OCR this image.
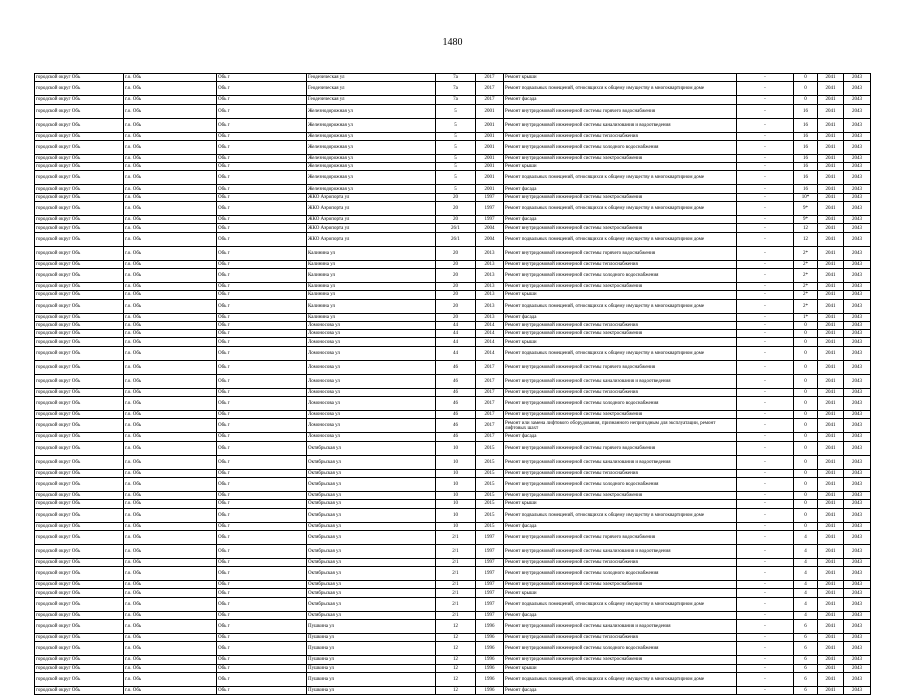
1480
городской округ Обь	г.о. Обь	Обь г	Геодезическая ул	7а	2017	Ремонт крыши	-	0	2041	2043
городской округ Обь	г.о. Обь	Обь г	Геодезическая ул	7а	2017	Ремонт подвальных помещений, относящихся к общему имуществу в многоквартирном доме	-	0	2041	2043
городской округ Обь	г.о. Обь	Обь г	Геодезическая ул	7а	2017	Ремонт фасада	-	0	2041	2043
городской округ Обь	г.о. Обь	Обь г	Железнодорожная ул	5	2001	Ремонт внутридомовой инженерной системы горячего водоснабжения	-	16	2041	2043
городской округ Обь	г.о. Обь	Обь г	Железнодорожная ул	5	2001	Ремонт внутридомовой инженерной системы канализования и водоотведения	-	16	2041	2043
городской округ Обь	г.о. Обь	Обь г	Железнодорожная ул	5	2001	Ремонт внутридомовой инженерной системы теплоснабжения	-	16	2041	2043
городской округ Обь	г.о. Обь	Обь г	Железнодорожная ул	5	2001	Ремонт внутридомовой инженерной системы холодного водоснабжения	-	16	2041	2043
городской округ Обь	г.о. Обь	Обь г	Железнодорожная ул	5	2001	Ремонт внутридомовой инженерной системы электроснабжения	-	16	2041	2043
городской округ Обь	г.о. Обь	Обь г	Железнодорожная ул	5	2001	Ремонт крыши	-	16	2041	2043
городской округ Обь	г.о. Обь	Обь г	Железнодорожная ул	5	2001	Ремонт подвальных помещений, относящихся к общему имуществу в многоквартирном доме	-	16	2041	2043
городской округ Обь	г.о. Обь	Обь г	Железнодорожная ул	5	2001	Ремонт фасада	-	16	2041	2043
городской округ Обь	г.о. Обь	Обь г	ЖКО Аэропорта ул	20	1997	Ремонт внутридомовой инженерной системы электроснабжения	-	10*	2041	2043
городской округ Обь	г.о. Обь	Обь г	ЖКО Аэропорта ул	20	1997	Ремонт подвальных помещений, относящихся к общему имуществу в многоквартирном доме	-	9*	2041	2043
городской округ Обь	г.о. Обь	Обь г	ЖКО Аэропорта ул	20	1997	Ремонт фасада	-	9*	2041	2043
городской округ Обь	г.о. Обь	Обь г	ЖКО Аэропорта ул	26/1	2004	Ремонт внутридомовой инженерной системы электроснабжения	-	12	2041	2043
городской округ Обь	г.о. Обь	Обь г	ЖКО Аэропорта ул	26/1	2004	Ремонт подвальных помещений, относящихся к общему имуществу в многоквартирном доме	-	12	2041	2043
городской округ Обь	г.о. Обь	Обь г	Калинина ул	20	2013	Ремонт внутридомовой инженерной системы горячего водоснабжения	-	2*	2041	2043
городской округ Обь	г.о. Обь	Обь г	Калинина ул	20	2013	Ремонт внутридомовой инженерной системы теплоснабжения	-	2*	2041	2043
городской округ Обь	г.о. Обь	Обь г	Калинина ул	20	2013	Ремонт внутридомовой инженерной системы холодного водоснабжения	-	2*	2041	2043
городской округ Обь	г.о. Обь	Обь г	Калинина ул	20	2013	Ремонт внутридомовой инженерной системы электроснабжения	-	2*	2041	2043
городской округ Обь	г.о. Обь	Обь г	Калинина ул	20	2013	Ремонт крыши	-	2*	2041	2043
городской округ Обь	г.о. Обь	Обь г	Калинина ул	20	2013	Ремонт подвальных помещений, относящихся к общему имуществу в многоквартирном доме	-	2*	2041	2043
городской округ Обь	г.о. Обь	Обь г	Калинина ул	20	2013	Ремонт фасада	-	1*	2041	2043
городской округ Обь	г.о. Обь	Обь г	Ломоносова ул	44	2014	Ремонт внутридомовой инженерной системы теплоснабжения	-	0	2041	2043
городской округ Обь	г.о. Обь	Обь г	Ломоносова ул	44	2014	Ремонт внутридомовой инженерной системы электроснабжения	-	0	2041	2043
городской округ Обь	г.о. Обь	Обь г	Ломоносова ул	44	2014	Ремонт крыши	-	0	2041	2043
городской округ Обь	г.о. Обь	Обь г	Ломоносова ул	44	2014	Ремонт подвальных помещений, относящихся к общему имуществу в многоквартирном доме	-	0	2041	2043
городской округ Обь	г.о. Обь	Обь г	Ломоносова ул	46	2017	Ремонт внутридомовой инженерной системы горячего водоснабжения	-	0	2041	2043
городской округ Обь	г.о. Обь	Обь г	Ломоносова ул	46	2017	Ремонт внутридомовой инженерной системы канализования и водоотведения	-	0	2041	2043
городской округ Обь	г.о. Обь	Обь г	Ломоносова ул	46	2017	Ремонт внутридомовой инженерной системы теплоснабжения	-	0	2041	2043
городской округ Обь	г.о. Обь	Обь г	Ломоносова ул	46	2017	Ремонт внутридомовой инженерной системы холодного водоснабжения	-	0	2041	2043
городской округ Обь	г.о. Обь	Обь г	Ломоносова ул	46	2017	Ремонт внутридомовой инженерной системы электроснабжения	-	0	2041	2043
городской округ Обь	г.о. Обь	Обь г	Ломоносова ул	46	2017	Ремонт или замена лифтового оборудования, признанного непригодным для эксплуатации, ремонт лифтовых шахт	-	0	2041	2043
городской округ Обь	г.о. Обь	Обь г	Ломоносова ул	46	2017	Ремонт фасада	-	0	2041	2043
городской округ Обь	г.о. Обь	Обь г	Октябрьская ул	10	2015	Ремонт внутридомовой инженерной системы горячего водоснабжения	-	0	2041	2043
городской округ Обь	г.о. Обь	Обь г	Октябрьская ул	10	2015	Ремонт внутридомовой инженерной системы канализования и водоотведения	-	0	2041	2043
городской округ Обь	г.о. Обь	Обь г	Октябрьская ул	10	2015	Ремонт внутридомовой инженерной системы теплоснабжения	-	0	2041	2043
городской округ Обь	г.о. Обь	Обь г	Октябрьская ул	10	2015	Ремонт внутридомовой инженерной системы холодного водоснабжения	-	0	2041	2043
городской округ Обь	г.о. Обь	Обь г	Октябрьская ул	10	2015	Ремонт внутридомовой инженерной системы электроснабжения	-	0	2041	2043
городской округ Обь	г.о. Обь	Обь г	Октябрьская ул	10	2015	Ремонт крыши	-	0	2041	2043
городской округ Обь	г.о. Обь	Обь г	Октябрьская ул	10	2015	Ремонт подвальных помещений, относящихся к общему имуществу в многоквартирном доме	-	0	2041	2043
городской округ Обь	г.о. Обь	Обь г	Октябрьская ул	10	2015	Ремонт фасада	-	0	2041	2043
городской округ Обь	г.о. Обь	Обь г	Октябрьская ул	2/1	1997	Ремонт внутридомовой инженерной системы горячего водоснабжения	-	4	2041	2043
городской округ Обь	г.о. Обь	Обь г	Октябрьская ул	2/1	1997	Ремонт внутридомовой инженерной системы канализования и водоотведения	-	4	2041	2043
городской округ Обь	г.о. Обь	Обь г	Октябрьская ул	2/1	1997	Ремонт внутридомовой инженерной системы теплоснабжения	-	4	2041	2043
городской округ Обь	г.о. Обь	Обь г	Октябрьская ул	2/1	1997	Ремонт внутридомовой инженерной системы холодного водоснабжения	-	4	2041	2043
городской округ Обь	г.о. Обь	Обь г	Октябрьская ул	2/1	1997	Ремонт внутридомовой инженерной системы электроснабжения	-	4	2041	2043
городской округ Обь	г.о. Обь	Обь г	Октябрьская ул	2/1	1997	Ремонт крыши	-	4	2041	2043
городской округ Обь	г.о. Обь	Обь г	Октябрьская ул	2/1	1997	Ремонт подвальных помещений, относящихся к общему имуществу в многоквартирном доме	-	4	2041	2043
городской округ Обь	г.о. Обь	Обь г	Октябрьская ул	2/1	1997	Ремонт фасада	-	4	2041	2043
городской округ Обь	г.о. Обь	Обь г	Пушкина ул	12	1996	Ремонт внутридомовой инженерной системы канализования и водоотведения	-	6	2041	2043
городской округ Обь	г.о. Обь	Обь г	Пушкина ул	12	1996	Ремонт внутридомовой инженерной системы теплоснабжения	-	6	2041	2043
городской округ Обь	г.о. Обь	Обь г	Пушкина ул	12	1996	Ремонт внутридомовой инженерной системы холодного водоснабжения	-	6	2041	2043
городской округ Обь	г.о. Обь	Обь г	Пушкина ул	12	1996	Ремонт внутридомовой инженерной системы электроснабжения	-	6	2041	2043
городской округ Обь	г.о. Обь	Обь г	Пушкина ул	12	1996	Ремонт крыши	-	6	2041	2043
городской округ Обь	г.о. Обь	Обь г	Пушкина ул	12	1996	Ремонт подвальных помещений, относящихся к общему имуществу в многоквартирном доме	-	6	2041	2043
городской округ Обь	г.о. Обь	Обь г	Пушкина ул	12	1996	Ремонт фасада	-	6	2041	2043
